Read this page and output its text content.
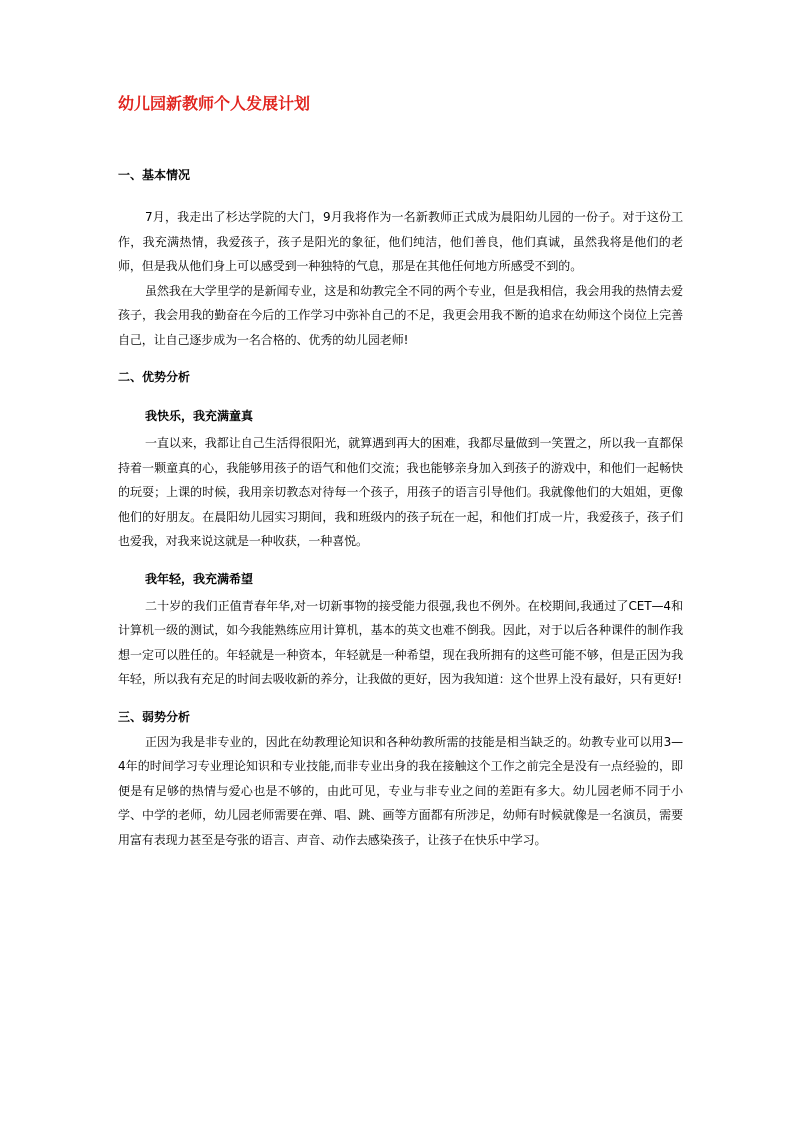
幼儿园新教师个人发展计划
一、基本情况

7月，我走出了杉达学院的大门，9月我将作为一名新教师正式成为晨阳幼儿园的一份子。对于这份工作，我充满热情，我爱孩子，孩子是阳光的象征，他们纯洁，他们善良，他们真诚，虽然我将是他们的老师，但是我从他们身上可以感受到一种独特的气息，那是在其他任何地方所感受不到的。

虽然我在大学里学的是新闻专业，这是和幼教完全不同的两个专业，但是我相信，我会用我的热情去爱孩子，我会用我的勤奋在今后的工作学习中弥补自己的不足，我更会用我不断的追求在幼师这个岗位上完善自己，让自己逐步成为一名合格的、优秀的幼儿园老师!

二、优势分析
我快乐，我充满童真

一直以来，我都让自己生活得很阳光，就算遇到再大的困难，我都尽量做到一笑置之，所以我一直都保持着一颗童真的心，我能够用孩子的语气和他们交流；我也能够亲身加入到孩子的游戏中，和他们一起畅快的玩耍；上课的时候，我用亲切教态对待每一个孩子，用孩子的语言引导他们。我就像他们的大姐姐，更像他们的好朋友。在晨阳幼儿园实习期间，我和班级内的孩子玩在一起，和他们打成一片，我爱孩子，孩子们也爱我，对我来说这就是一种收获，一种喜悦。

我年轻，我充满希望

二十岁的我们正值青春年华,对一切新事物的接受能力很强,我也不例外。在校期间,我通过了CET—4和计算机一级的测试，如今我能熟练应用计算机，基本的英文也难不倒我。因此，对于以后各种课件的制作我想一定可以胜任的。年轻就是一种资本，年轻就是一种希望，现在我所拥有的这些可能不够，但是正因为我年轻，所以我有充足的时间去吸收新的养分，让我做的更好，因为我知道：这个世界上没有最好，只有更好!

三、弱势分析

正因为我是非专业的，因此在幼教理论知识和各种幼教所需的技能是相当缺乏的。幼教专业可以用3—4年的时间学习专业理论知识和专业技能,而非专业出身的我在接触这个工作之前完全是没有一点经验的，即便是有足够的热情与爱心也是不够的，由此可见，专业与非专业之间的差距有多大。幼儿园老师不同于小学、中学的老师，幼儿园老师需要在弹、唱、跳、画等方面都有所涉足，幼师有时候就像是一名演员，需要用富有表现力甚至是夸张的语言、声音、动作去感染孩子，让孩子在快乐中学习。
